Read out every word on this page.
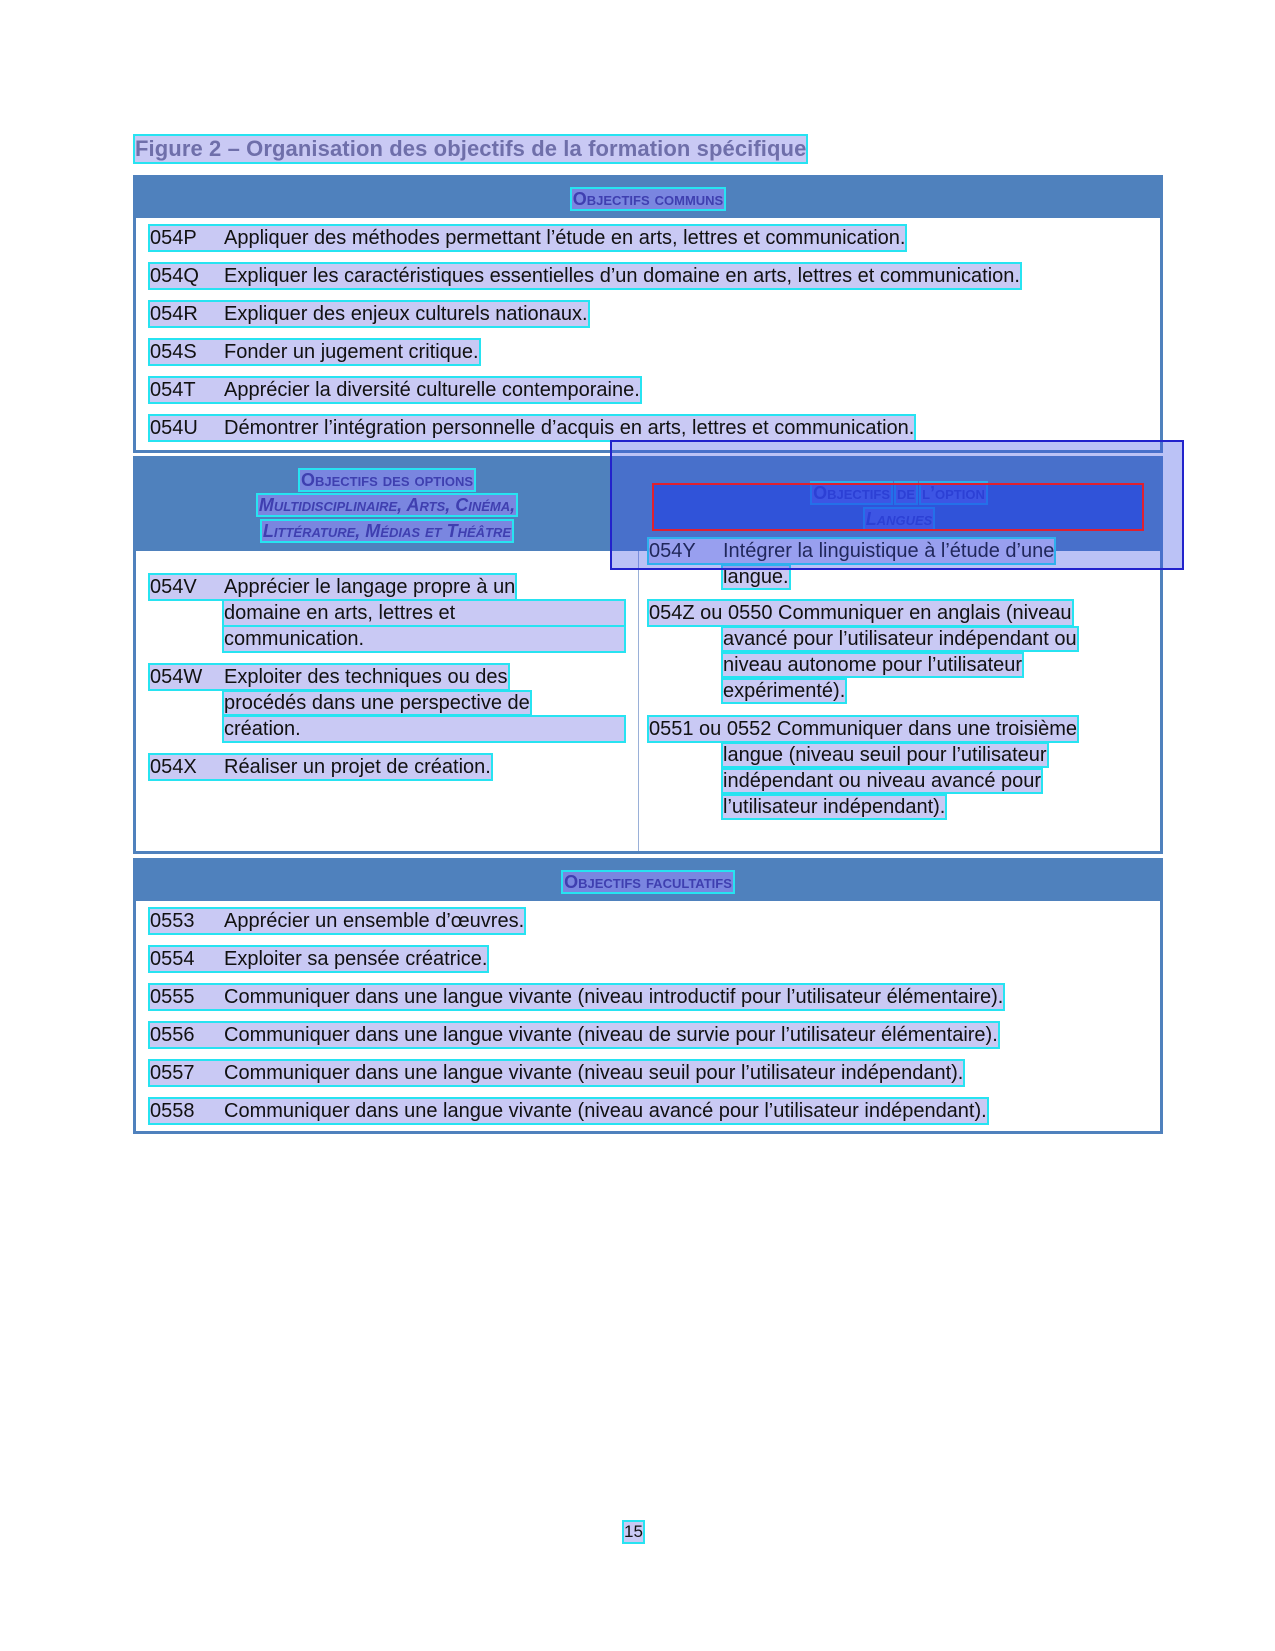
Figure 2 – Organisation des objectifs de la formation spécifique
Objectifs communs
054P Appliquer des méthodes permettant l’étude en arts, lettres et communication.
054Q Expliquer les caractéristiques essentielles d’un domaine en arts, lettres et communication.
054R Expliquer des enjeux culturels nationaux.
054S Fonder un jugement critique.
054T Apprécier la diversité culturelle contemporaine.
054U Démontrer l’intégration personnelle d’acquis en arts, lettres et communication.
Objectifs des options
Multidisciplinaire, Arts, Cinéma,
Littérature, Médias et Théâtre
054V Apprécier le langage propre à un
domaine en arts, lettres et
communication.
054W Exploiter des techniques ou des
procédés dans une perspective de
création.
054X Réaliser un projet de création.
054Y Intégrer la linguistique à l’étude d’une
langue.
054Z ou 0550 Communiquer en anglais (niveau
avancé pour l’utilisateur indépendant ou
niveau autonome pour l’utilisateur
expérimenté).
0551 ou 0552 Communiquer dans une troisième
langue (niveau seuil pour l’utilisateur
indépendant ou niveau avancé pour
l’utilisateur indépendant).
Objectifs facultatifs
0553 Apprécier un ensemble d’œuvres.
0554 Exploiter sa pensée créatrice.
0555 Communiquer dans une langue vivante (niveau introductif pour l’utilisateur élémentaire).
0556 Communiquer dans une langue vivante (niveau de survie pour l’utilisateur élémentaire).
0557 Communiquer dans une langue vivante (niveau seuil pour l’utilisateur indépendant).
0558 Communiquer dans une langue vivante (niveau avancé pour l’utilisateur indépendant).
15
